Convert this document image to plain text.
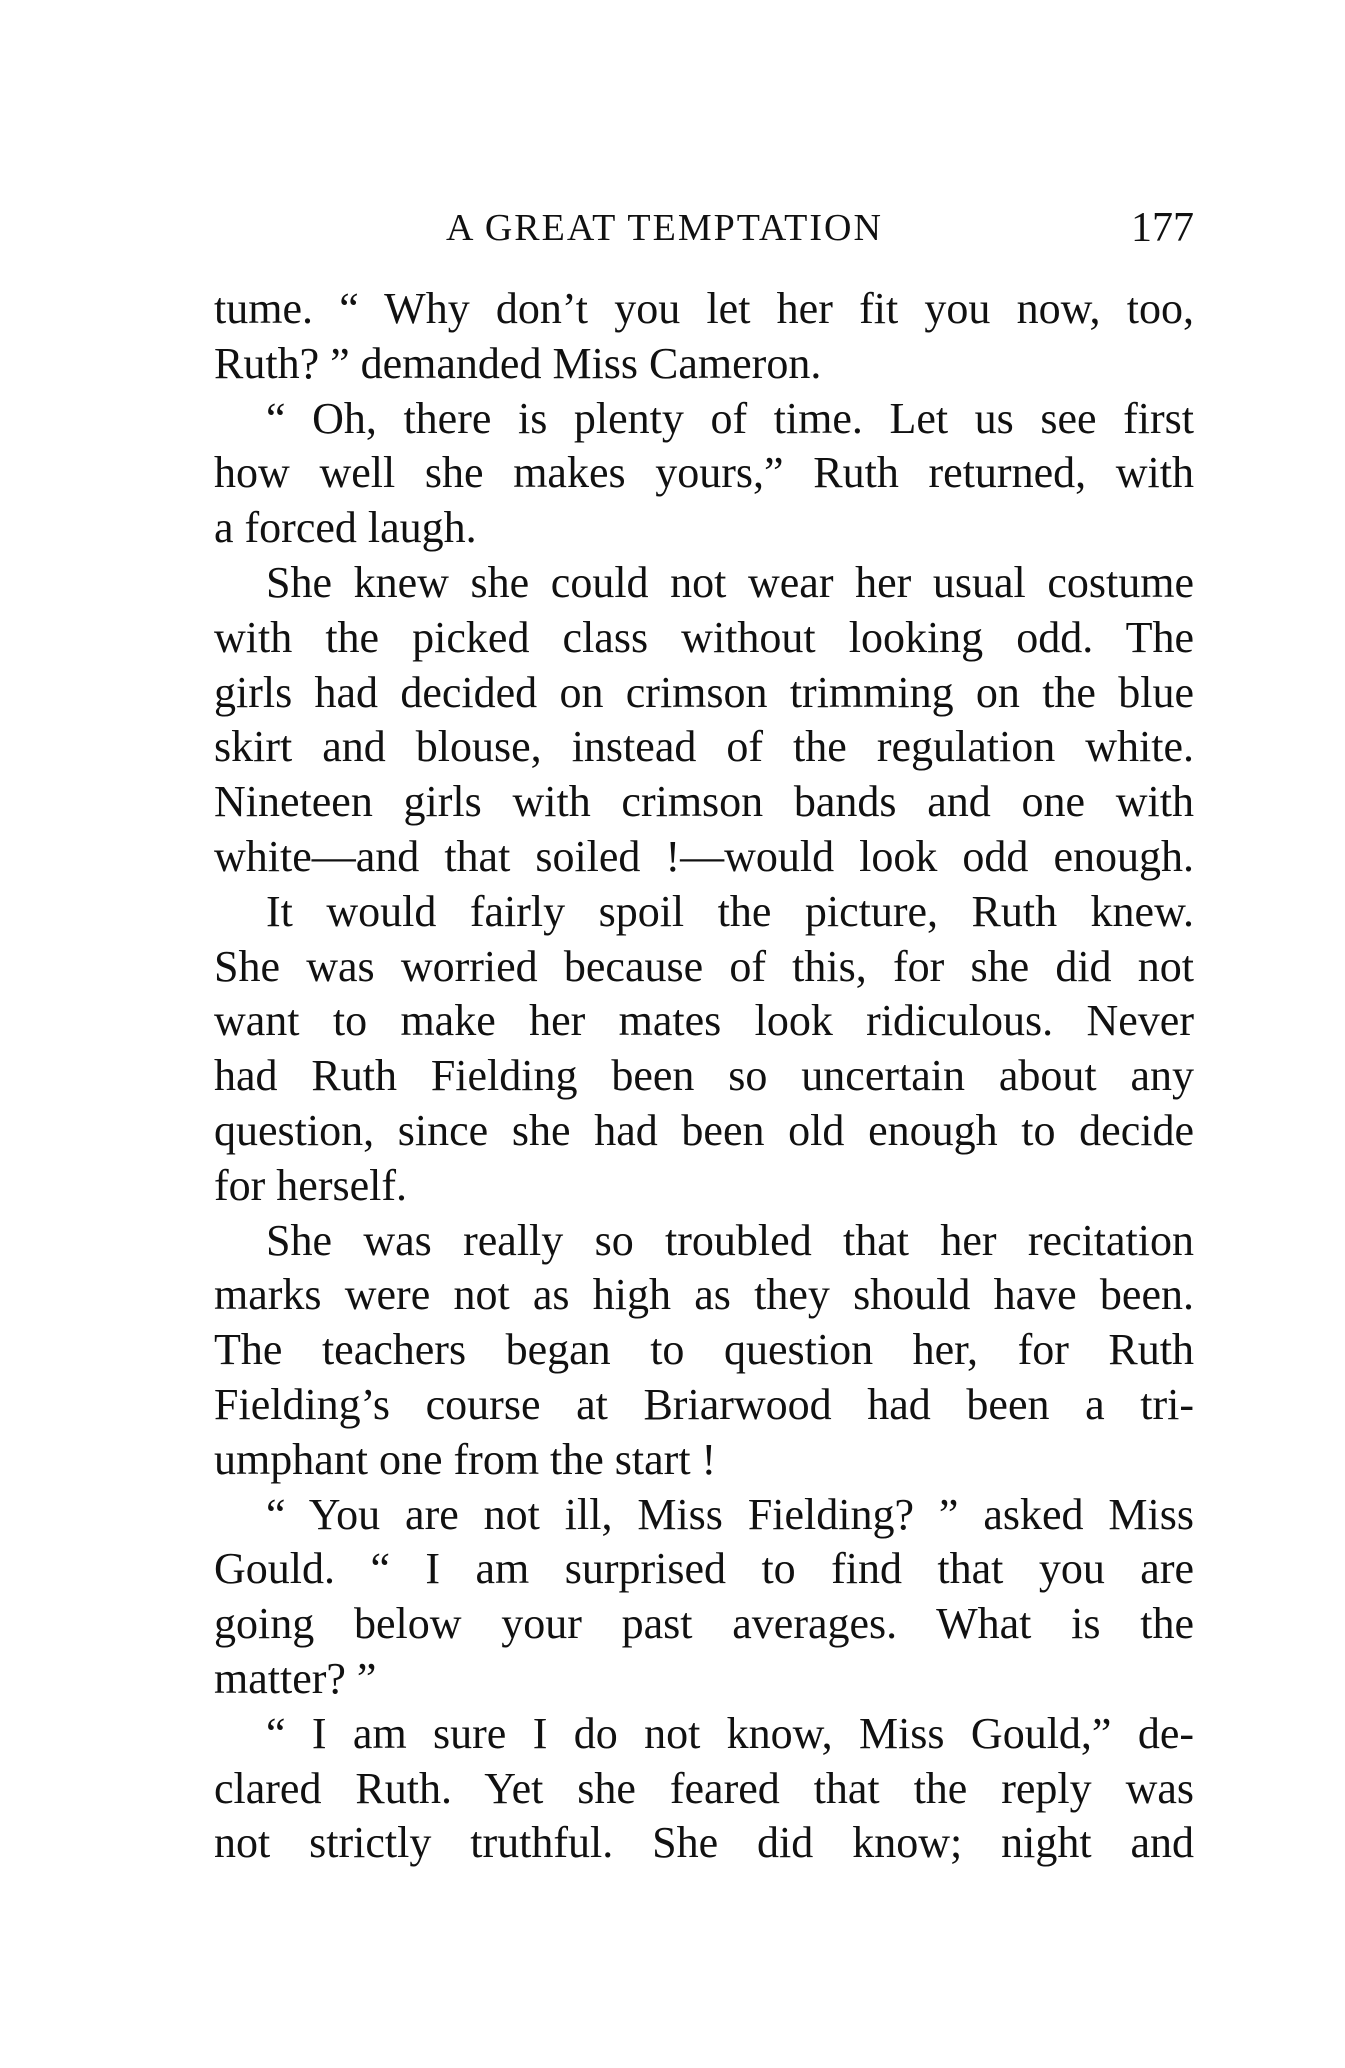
A GREAT TEMPTATION	177
tume. “ Why don’t you let her fit you now, too,
Ruth? ” demanded Miss Cameron.
“ Oh, there is plenty of time. Let us see first
how well she makes yours,” Ruth returned, with
a forced laugh.
She knew she could not wear her usual costume
with the picked class without looking odd. The
girls had decided on crimson trimming on the blue
skirt and blouse, instead of the regulation white.
Nineteen girls with crimson bands and one with
white—and that soiled !—would look odd enough.
It would fairly spoil the picture, Ruth knew.
She was worried because of this, for she did not
want to make her mates look ridiculous. Never
had Ruth Fielding been so uncertain about any
question, since she had been old enough to decide
for herself.
She was really so troubled that her recitation
marks were not as high as they should have been.
The teachers began to question her, for Ruth
Fielding’s course at Briarwood had been a tri-
umphant one from the start !
“ You are not ill, Miss Fielding? ” asked Miss
Gould. “ I am surprised to find that you are
going below your past averages. What is the
matter? ”
“ I am sure I do not know, Miss Gould,” de-
clared Ruth. Yet she feared that the reply was
not strictly truthful. She did know; night and
